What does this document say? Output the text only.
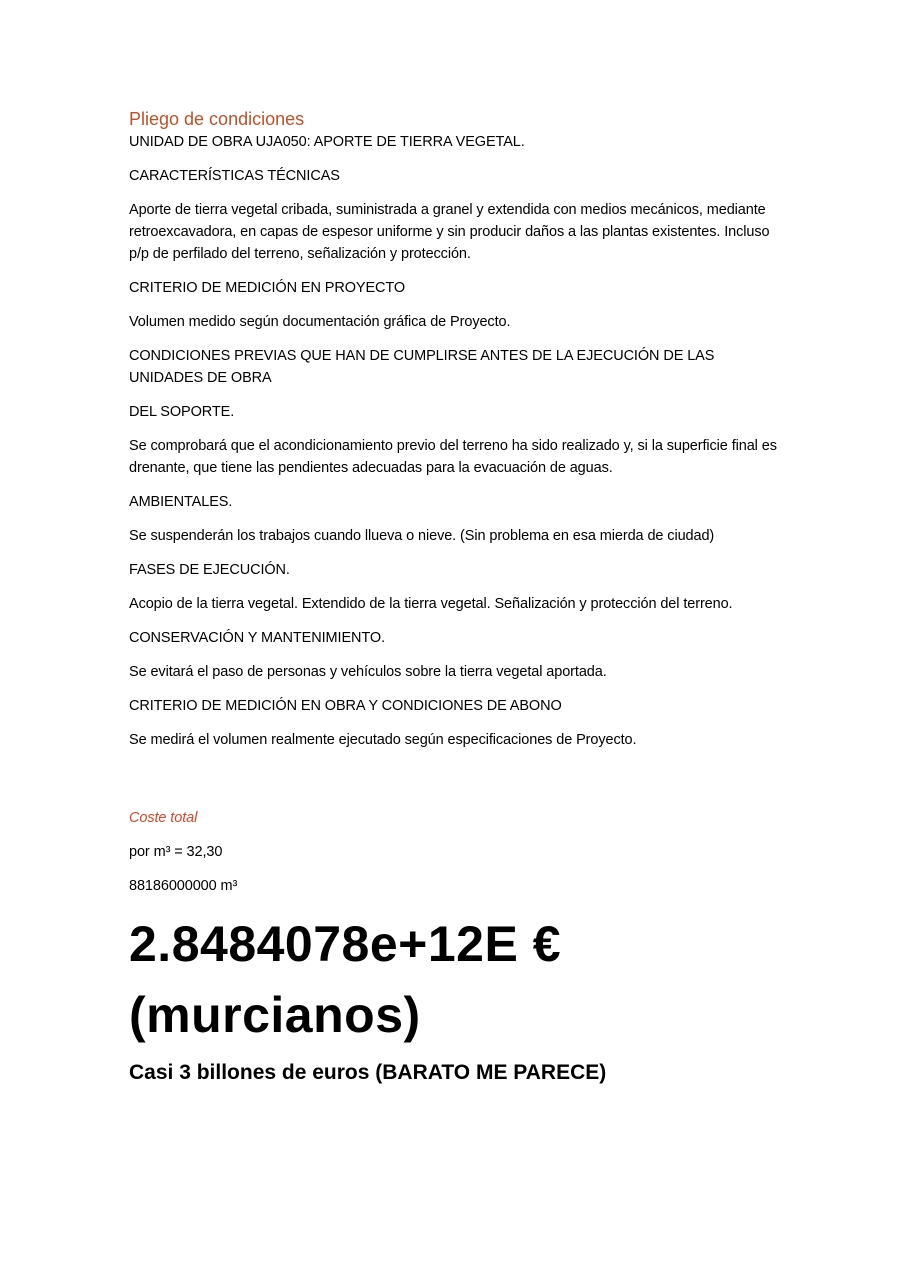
Pliego de condiciones

UNIDAD DE OBRA UJA050: APORTE DE TIERRA VEGETAL.

CARACTERÍSTICAS TÉCNICAS

Aporte de tierra vegetal cribada, suministrada a granel y extendida con medios mecánicos, mediante retroexcavadora, en capas de espesor uniforme y sin producir daños a las plantas existentes. Incluso p/p de perfilado del terreno, señalización y protección.

CRITERIO DE MEDICIÓN EN PROYECTO

Volumen medido según documentación gráfica de Proyecto.

CONDICIONES PREVIAS QUE HAN DE CUMPLIRSE ANTES DE LA EJECUCIÓN DE LAS UNIDADES DE OBRA

DEL SOPORTE.

Se comprobará que el acondicionamiento previo del terreno ha sido realizado y, si la superficie final es drenante, que tiene las pendientes adecuadas para la evacuación de aguas.

AMBIENTALES.

Se suspenderán los trabajos cuando llueva o nieve. (Sin problema en esa mierda de ciudad)

FASES DE EJECUCIÓN.

Acopio de la tierra vegetal. Extendido de la tierra vegetal. Señalización y protección del terreno.

CONSERVACIÓN Y MANTENIMIENTO.

Se evitará el paso de personas y vehículos sobre la tierra vegetal aportada.

CRITERIO DE MEDICIÓN EN OBRA Y CONDICIONES DE ABONO

Se medirá el volumen realmente ejecutado según especificaciones de Proyecto.

Coste total

por m³ = 32,30

88186000000 m³

2.8484078e+12E € (murcianos)
Casi 3 billones de euros (BARATO ME PARECE)
